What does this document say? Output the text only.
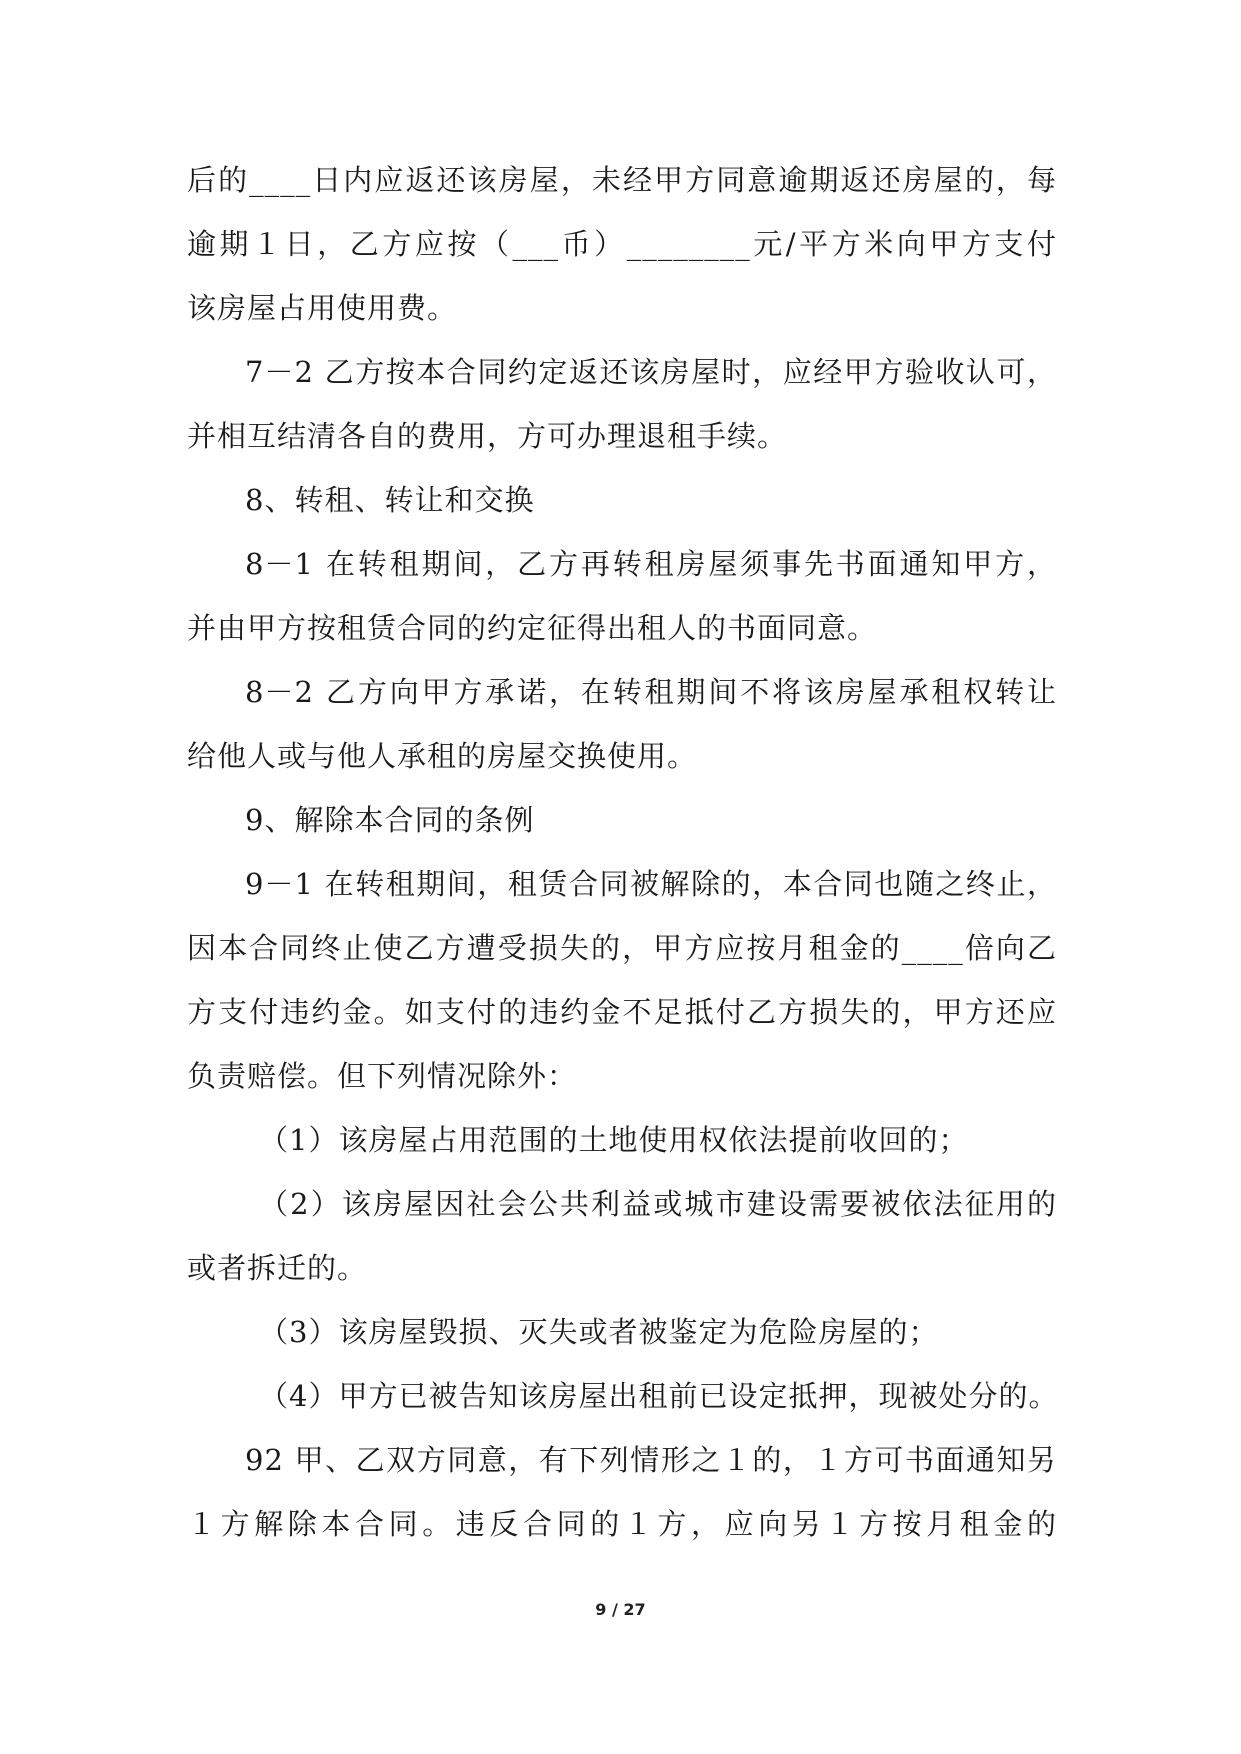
后的____日内应返还该房屋，未经甲方同意逾期返还房屋的，每
逾期１日，乙方应按（___币）________元/平方米向甲方支付
该房屋占用使用费。
7－2 乙方按本合同约定返还该房屋时，应经甲方验收认可，
并相互结清各自的费用，方可办理退租手续。
8、转租、转让和交换
8－1 在转租期间，乙方再转租房屋须事先书面通知甲方，
并由甲方按租赁合同的约定征得出租人的书面同意。
8－2 乙方向甲方承诺，在转租期间不将该房屋承租权转让
给他人或与他人承租的房屋交换使用。
9、解除本合同的条例
9－1 在转租期间，租赁合同被解除的，本合同也随之终止，
因本合同终止使乙方遭受损失的，甲方应按月租金的____倍向乙
方支付违约金。如支付的违约金不足抵付乙方损失的，甲方还应
负责赔偿。但下列情况除外：
（1）该房屋占用范围的土地使用权依法提前收回的；
（2）该房屋因社会公共利益或城市建设需要被依法征用的
或者拆迁的。
（3）该房屋毁损、灭失或者被鉴定为危险房屋的；
（4）甲方已被告知该房屋出租前已设定抵押，现被处分的。
92 甲、乙双方同意，有下列情形之１的，１方可书面通知另
１方解除本合同。违反合同的１方，应向另１方按月租金的
9 / 27
